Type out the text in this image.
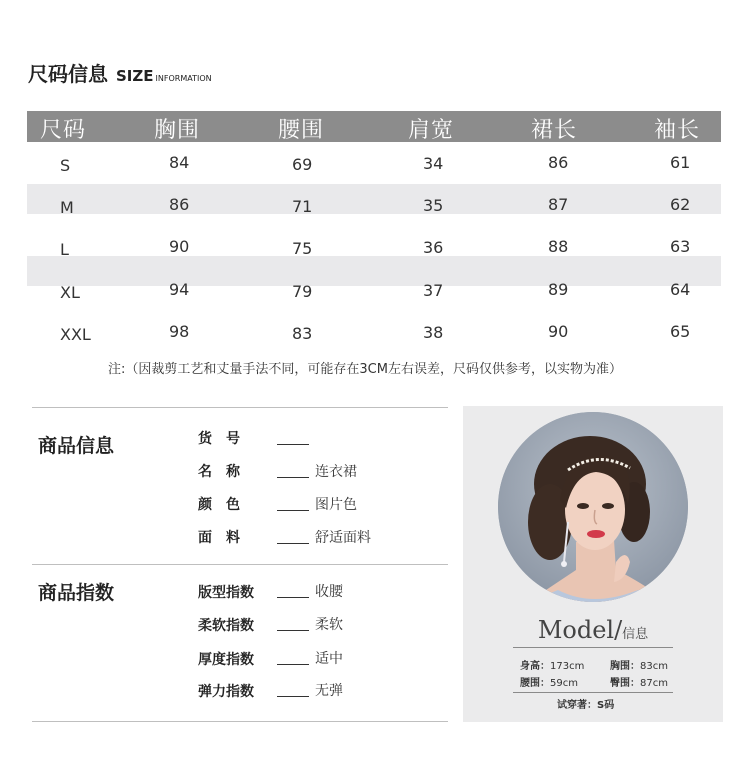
尺码信息 SIZE INFORMATION
尺码	胸围	腰围	肩宽	裙长	袖长
S	84	69	34	86	61
M	86	71	35	87	62
L	90	75	36	88	63
XL	94	79	37	89	64
XXL	98	83	38	90	65
注:（因裁剪工艺和丈量手法不同，可能存在3CM左右误差，尺码仅供参考，以实物为准）
商品信息	货　号
名　称	连衣裙
颜　色	图片色
面　料	舒适面料
商品指数	版型指数	收腰
柔软指数	柔软
厚度指数	适中
弹力指数	无弹
Model/信息
身高：173cm	胸围：83cm
腰围：59cm	臀围：87cm
试穿著：S码
